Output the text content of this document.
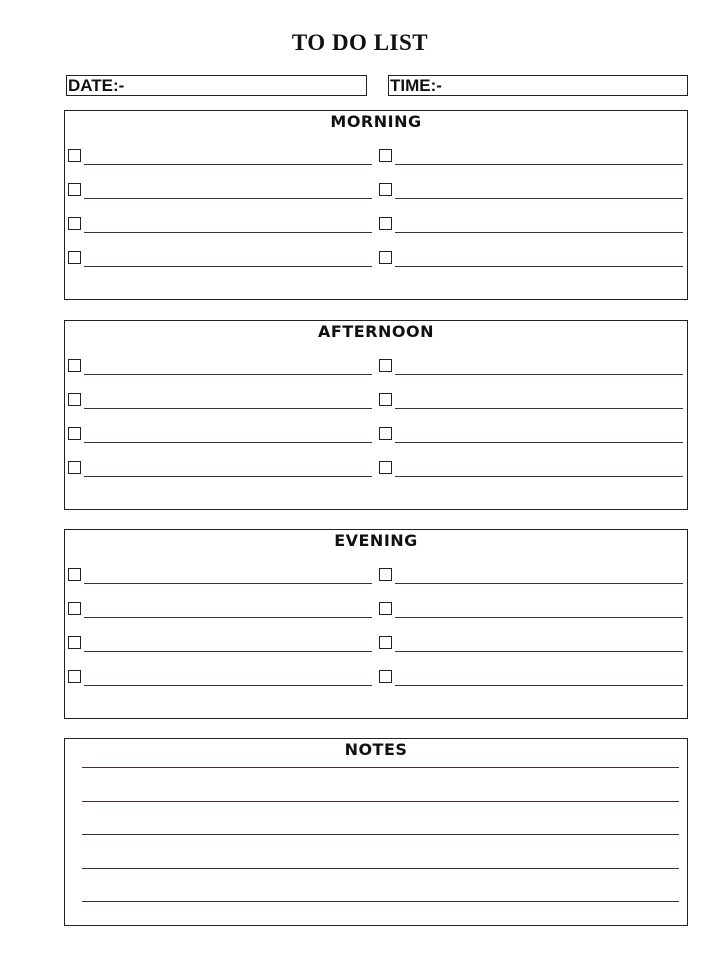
TO DO LIST
DATE:-	TIME:-
MORNING
AFTERNOON
EVENING
NOTES
